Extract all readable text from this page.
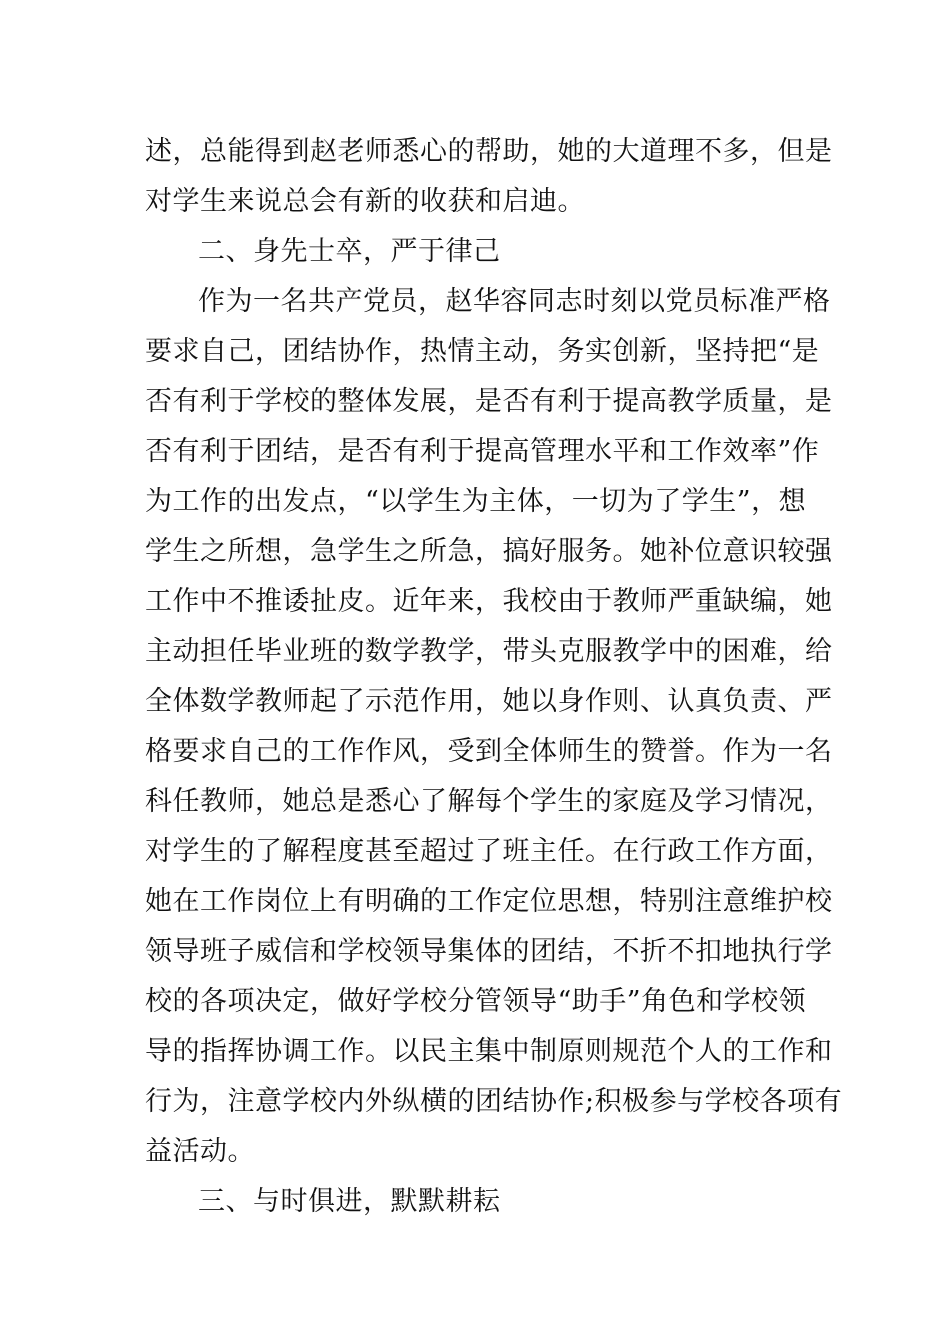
述，总能得到赵老师悉心的帮助，她的大道理不多，但是
对学生来说总会有新的收获和启迪。
二、身先士卒，严于律己
作为一名共产党员，赵华容同志时刻以党员标准严格
要求自己，团结协作，热情主动，务实创新，坚持把“是
否有利于学校的整体发展，是否有利于提高教学质量，是
否有利于团结，是否有利于提高管理水平和工作效率”作
为工作的出发点，“以学生为主体，一切为了学生”，想
学生之所想，急学生之所急，搞好服务。她补位意识较强
工作中不推诿扯皮。近年来，我校由于教师严重缺编，她
主动担任毕业班的数学教学，带头克服教学中的困难，给
全体数学教师起了示范作用，她以身作则、认真负责、严
格要求自己的工作作风，受到全体师生的赞誉。作为一名
科任教师，她总是悉心了解每个学生的家庭及学习情况，
对学生的了解程度甚至超过了班主任。在行政工作方面，
她在工作岗位上有明确的工作定位思想，特别注意维护校
领导班子威信和学校领导集体的团结，不折不扣地执行学
校的各项决定，做好学校分管领导“助手”角色和学校领
导的指挥协调工作。以民主集中制原则规范个人的工作和
行为，注意学校内外纵横的团结协作;积极参与学校各项有
益活动。
三、与时俱进，默默耕耘
